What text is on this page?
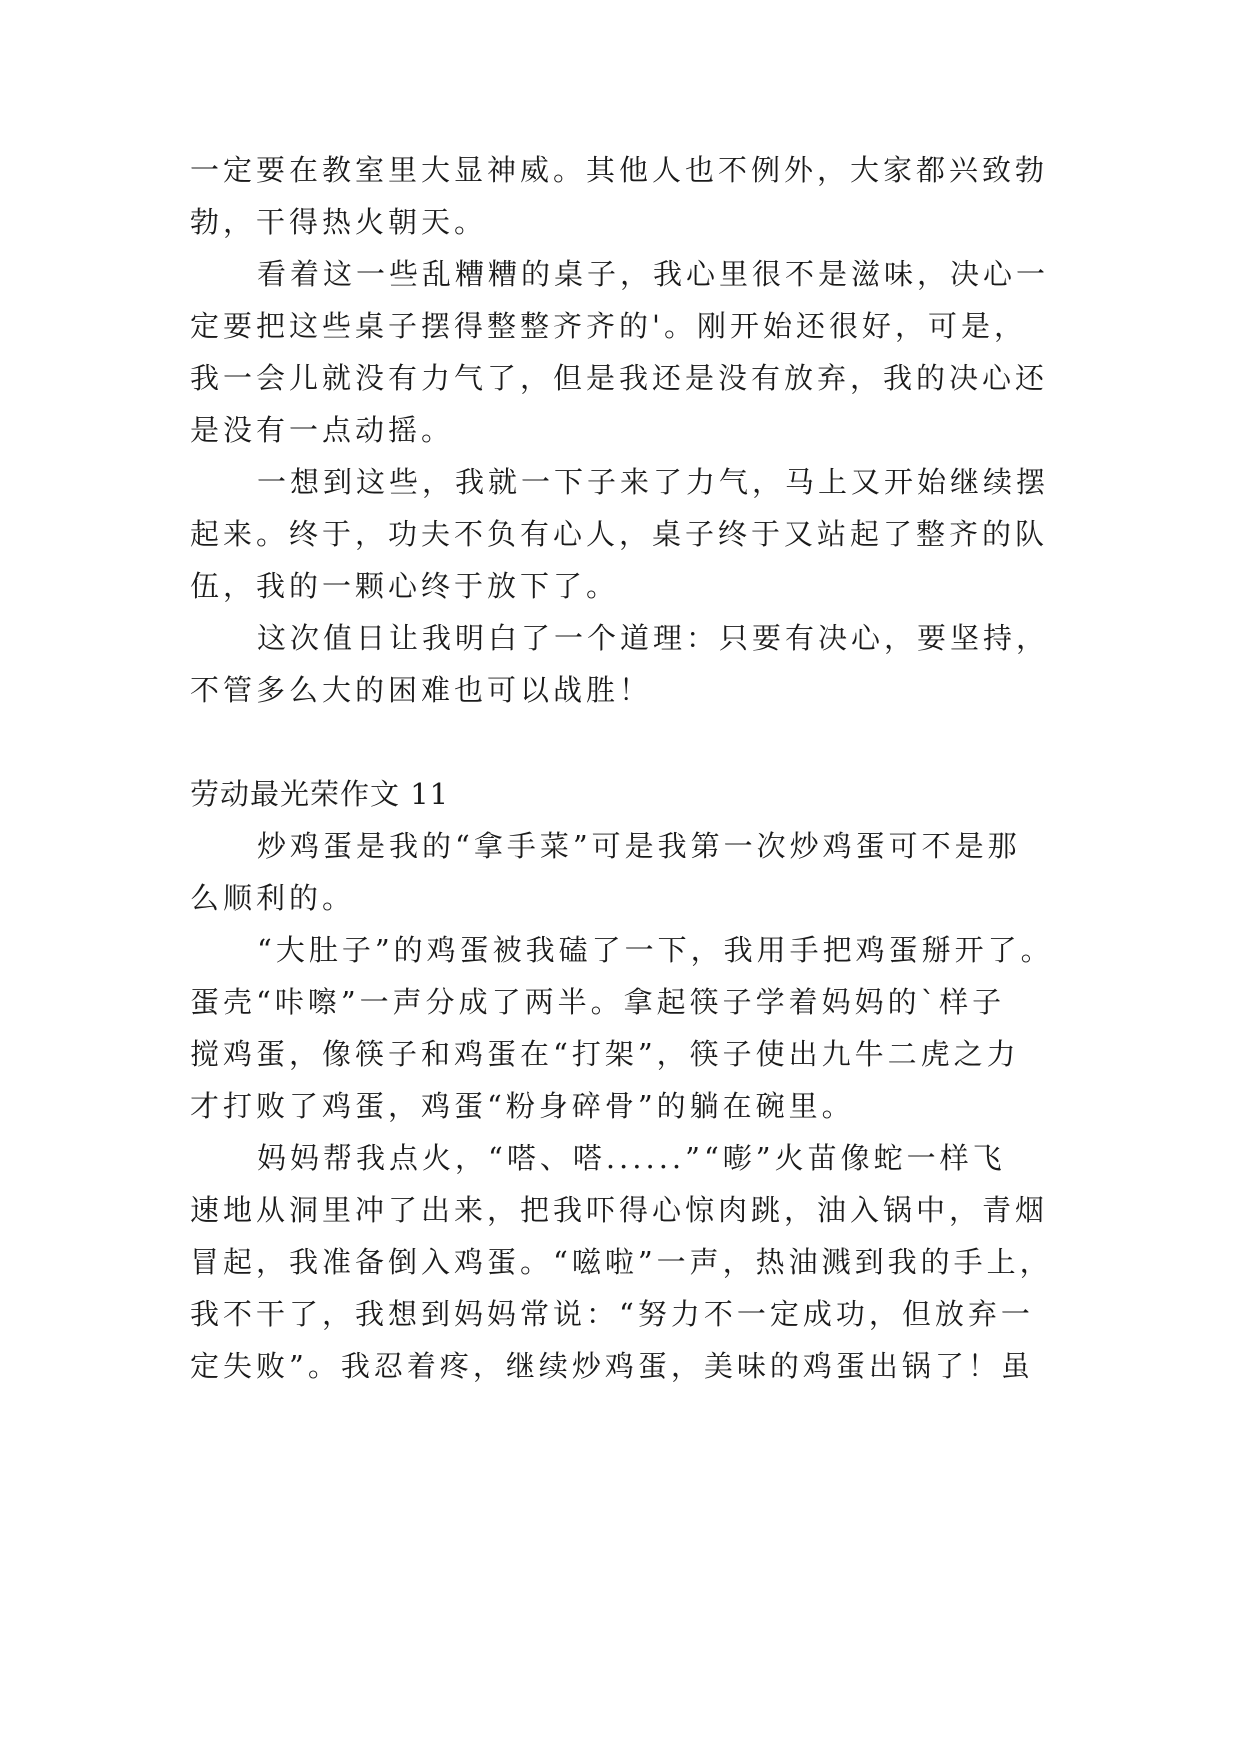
一定要在教室里大显神威。其他人也不例外，大家都兴致勃
勃，干得热火朝天。
看着这一些乱糟糟的桌子，我心里很不是滋味，决心一
定要把这些桌子摆得整整齐齐的'。刚开始还很好，可是，
我一会儿就没有力气了，但是我还是没有放弃，我的决心还
是没有一点动摇。
一想到这些，我就一下子来了力气，马上又开始继续摆
起来。终于，功夫不负有心人，桌子终于又站起了整齐的队
伍，我的一颗心终于放下了。
这次值日让我明白了一个道理：只要有决心，要坚持，
不管多么大的困难也可以战胜！
劳动最光荣作文 11
炒鸡蛋是我的“拿手菜”可是我第一次炒鸡蛋可不是那
么顺利的。
“大肚子”的鸡蛋被我磕了一下，我用手把鸡蛋掰开了。
蛋壳“咔嚓”一声分成了两半。拿起筷子学着妈妈的`样子
搅鸡蛋，像筷子和鸡蛋在“打架”，筷子使出九牛二虎之力
才打败了鸡蛋，鸡蛋“粉身碎骨”的躺在碗里。
妈妈帮我点火，“嗒、嗒......”“嘭”火苗像蛇一样飞
速地从洞里冲了出来，把我吓得心惊肉跳，油入锅中，青烟
冒起，我准备倒入鸡蛋。“嗞啦”一声，热油溅到我的手上，
我不干了，我想到妈妈常说：“努力不一定成功，但放弃一
定失败”。我忍着疼，继续炒鸡蛋，美味的鸡蛋出锅了！虽
